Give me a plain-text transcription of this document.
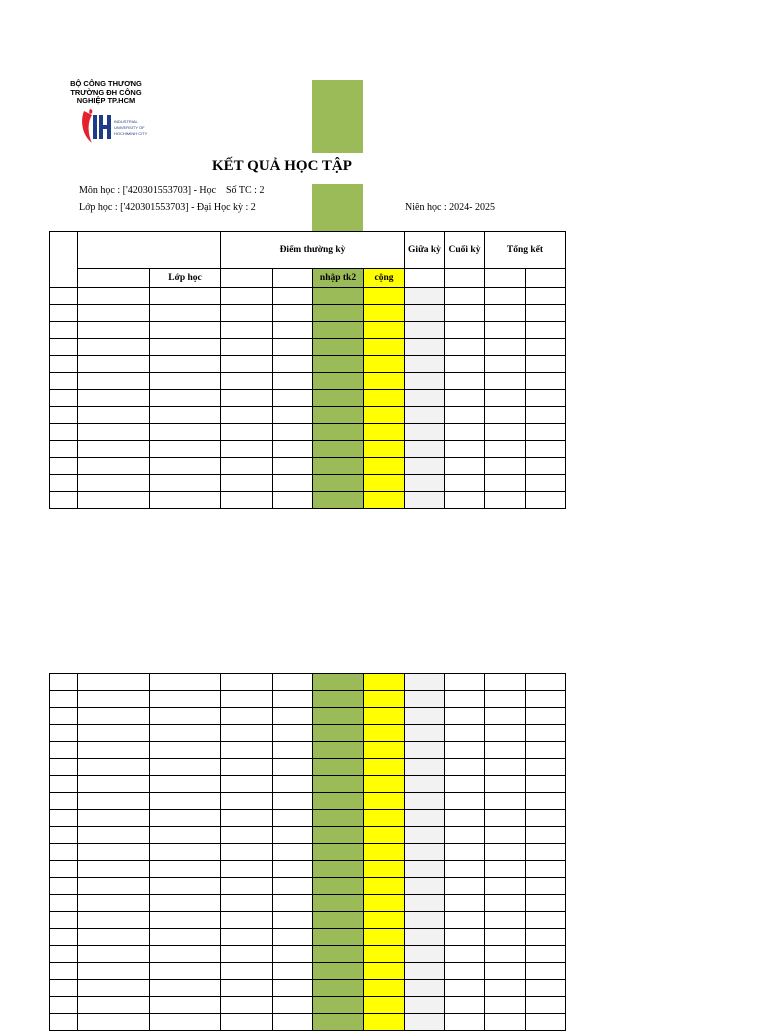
BỘ CÔNG THƯƠNG
TRƯỜNG ĐH CÔNG
NGHIỆP TP.HCM
INDUSTRIAL
UNIVERSITY OF
HOCHIMINH CITY
KẾT QUẢ HỌC TẬP
Môn học : ['420301553703] - Học Số TC : 2
Lớp học : ['420301553703] - Đại Học kỳ : 2	Niên học : 2024- 2025
			Điểm thường kỳ				Giữa kỳ	Cuối kỳ	Tổng kết	
		Lớp học			nhập tk2	cộng				
